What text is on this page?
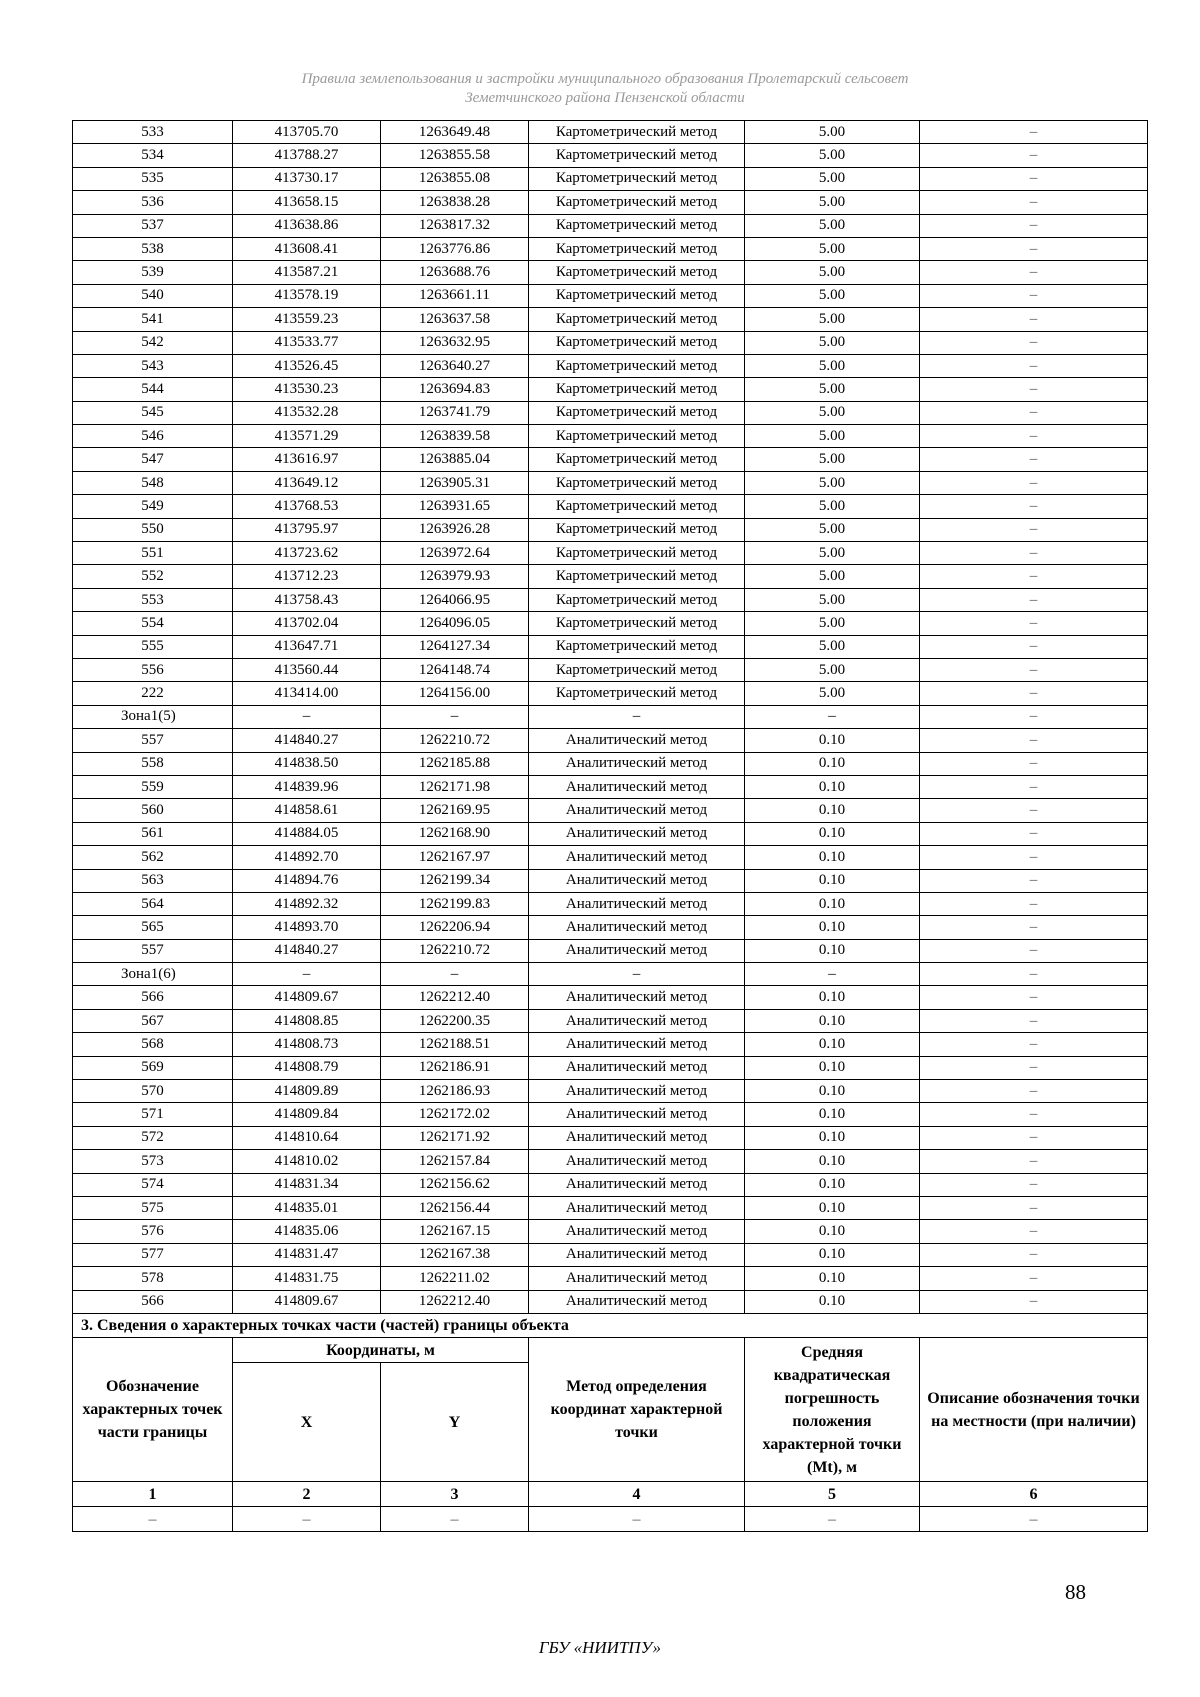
Правила землепользования и застройки муниципального образования Пролетарский сельсовет
Земетчинского района Пензенской области
533	413705.70	1263649.48	Картометрический метод	5.00	–
534	413788.27	1263855.58	Картометрический метод	5.00	–
535	413730.17	1263855.08	Картометрический метод	5.00	–
536	413658.15	1263838.28	Картометрический метод	5.00	–
537	413638.86	1263817.32	Картометрический метод	5.00	–
538	413608.41	1263776.86	Картометрический метод	5.00	–
539	413587.21	1263688.76	Картометрический метод	5.00	–
540	413578.19	1263661.11	Картометрический метод	5.00	–
541	413559.23	1263637.58	Картометрический метод	5.00	–
542	413533.77	1263632.95	Картометрический метод	5.00	–
543	413526.45	1263640.27	Картометрический метод	5.00	–
544	413530.23	1263694.83	Картометрический метод	5.00	–
545	413532.28	1263741.79	Картометрический метод	5.00	–
546	413571.29	1263839.58	Картометрический метод	5.00	–
547	413616.97	1263885.04	Картометрический метод	5.00	–
548	413649.12	1263905.31	Картометрический метод	5.00	–
549	413768.53	1263931.65	Картометрический метод	5.00	–
550	413795.97	1263926.28	Картометрический метод	5.00	–
551	413723.62	1263972.64	Картометрический метод	5.00	–
552	413712.23	1263979.93	Картометрический метод	5.00	–
553	413758.43	1264066.95	Картометрический метод	5.00	–
554	413702.04	1264096.05	Картометрический метод	5.00	–
555	413647.71	1264127.34	Картометрический метод	5.00	–
556	413560.44	1264148.74	Картометрический метод	5.00	–
222	413414.00	1264156.00	Картометрический метод	5.00	–
Зона1(5)	–	–	–	–	–
557	414840.27	1262210.72	Аналитический метод	0.10	–
558	414838.50	1262185.88	Аналитический метод	0.10	–
559	414839.96	1262171.98	Аналитический метод	0.10	–
560	414858.61	1262169.95	Аналитический метод	0.10	–
561	414884.05	1262168.90	Аналитический метод	0.10	–
562	414892.70	1262167.97	Аналитический метод	0.10	–
563	414894.76	1262199.34	Аналитический метод	0.10	–
564	414892.32	1262199.83	Аналитический метод	0.10	–
565	414893.70	1262206.94	Аналитический метод	0.10	–
557	414840.27	1262210.72	Аналитический метод	0.10	–
Зона1(6)	–	–	–	–	–
566	414809.67	1262212.40	Аналитический метод	0.10	–
567	414808.85	1262200.35	Аналитический метод	0.10	–
568	414808.73	1262188.51	Аналитический метод	0.10	–
569	414808.79	1262186.91	Аналитический метод	0.10	–
570	414809.89	1262186.93	Аналитический метод	0.10	–
571	414809.84	1262172.02	Аналитический метод	0.10	–
572	414810.64	1262171.92	Аналитический метод	0.10	–
573	414810.02	1262157.84	Аналитический метод	0.10	–
574	414831.34	1262156.62	Аналитический метод	0.10	–
575	414835.01	1262156.44	Аналитический метод	0.10	–
576	414835.06	1262167.15	Аналитический метод	0.10	–
577	414831.47	1262167.38	Аналитический метод	0.10	–
578	414831.75	1262211.02	Аналитический метод	0.10	–
566	414809.67	1262212.40	Аналитический метод	0.10	–
3. Сведения о характерных точках части (частей) границы объекта					
Обозначение характерных точек части границы	Координаты, м		Метод определения координат характерной точки	Средняя квадратическая погрешность положения характерной точки (Mt), м	Описание обозначения точки на местности (при наличии)
	X	Y			
1	2	3	4	5	6
–	–	–	–	–	–
88
ГБУ «НИИТПУ»
